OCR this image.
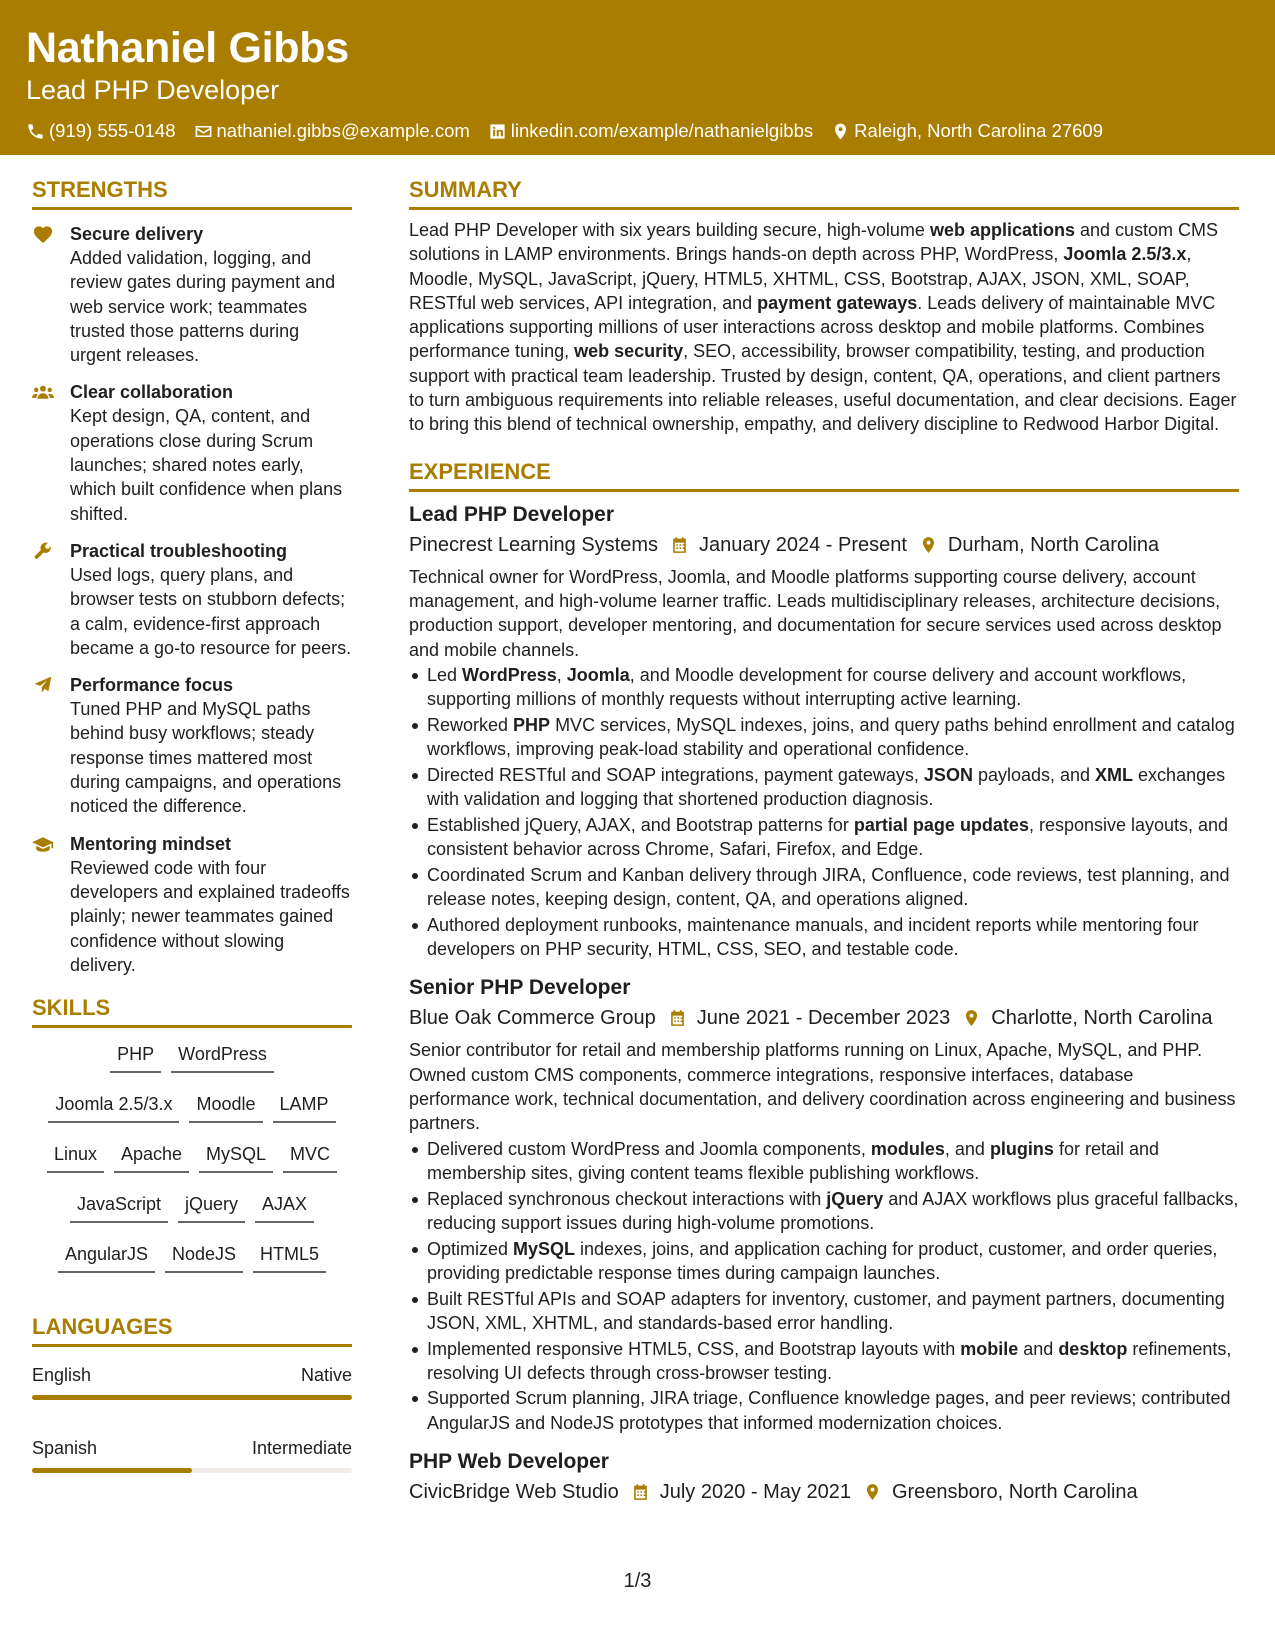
Nathaniel Gibbs
Lead PHP Developer
(919) 555-0148 nathaniel.gibbs@example.com linkedin.com/example/nathanielgibbs Raleigh, North Carolina 27609
STRENGTHS
Secure delivery
Added validation, logging, and review gates during payment and web service work; teammates trusted those patterns during urgent releases.
Clear collaboration
Kept design, QA, content, and operations close during Scrum launches; shared notes early, which built confidence when plans shifted.
Practical troubleshooting
Used logs, query plans, and browser tests on stubborn defects; a calm, evidence-first approach became a go-to resource for peers.
Performance focus
Tuned PHP and MySQL paths behind busy workflows; steady response times mattered most during campaigns, and operations noticed the difference.
Mentoring mindset
Reviewed code with four developers and explained tradeoffs plainly; newer teammates gained confidence without slowing delivery.
SKILLS
PHP	WordPress
Joomla 2.5/3.x	Moodle	LAMP
Linux	Apache	MySQL	MVC
JavaScript	jQuery	AJAX
AngularJS	NodeJS	HTML5
LANGUAGES
English	Native
Spanish	Intermediate
SUMMARY
Lead PHP Developer with six years building secure, high-volume web applications and custom CMS solutions in LAMP environments. Brings hands-on depth across PHP, WordPress, Joomla 2.5/3.x, Moodle, MySQL, JavaScript, jQuery, HTML5, XHTML, CSS, Bootstrap, AJAX, JSON, XML, SOAP, RESTful web services, API integration, and payment gateways. Leads delivery of maintainable MVC applications supporting millions of user interactions across desktop and mobile platforms. Combines performance tuning, web security, SEO, accessibility, browser compatibility, testing, and production support with practical team leadership. Trusted by design, content, QA, operations, and client partners to turn ambiguous requirements into reliable releases, useful documentation, and clear decisions. Eager to bring this blend of technical ownership, empathy, and delivery discipline to Redwood Harbor Digital.
EXPERIENCE
Lead PHP Developer
Pinecrest Learning Systems January 2024 - Present Durham, North Carolina
Technical owner for WordPress, Joomla, and Moodle platforms supporting course delivery, account management, and high-volume learner traffic. Leads multidisciplinary releases, architecture decisions, production support, developer mentoring, and documentation for secure services used across desktop and mobile channels.
Led WordPress, Joomla, and Moodle development for course delivery and account workflows, supporting millions of monthly requests without interrupting active learning.
Reworked PHP MVC services, MySQL indexes, joins, and query paths behind enrollment and catalog workflows, improving peak-load stability and operational confidence.
Directed RESTful and SOAP integrations, payment gateways, JSON payloads, and XML exchanges with validation and logging that shortened production diagnosis.
Established jQuery, AJAX, and Bootstrap patterns for partial page updates, responsive layouts, and consistent behavior across Chrome, Safari, Firefox, and Edge.
Coordinated Scrum and Kanban delivery through JIRA, Confluence, code reviews, test planning, and release notes, keeping design, content, QA, and operations aligned.
Authored deployment runbooks, maintenance manuals, and incident reports while mentoring four developers on PHP security, HTML, CSS, SEO, and testable code.
Senior PHP Developer
Blue Oak Commerce Group June 2021 - December 2023 Charlotte, North Carolina
Senior contributor for retail and membership platforms running on Linux, Apache, MySQL, and PHP. Owned custom CMS components, commerce integrations, responsive interfaces, database performance work, technical documentation, and delivery coordination across engineering and business partners.
Delivered custom WordPress and Joomla components, modules, and plugins for retail and membership sites, giving content teams flexible publishing workflows.
Replaced synchronous checkout interactions with jQuery and AJAX workflows plus graceful fallbacks, reducing support issues during high-volume promotions.
Optimized MySQL indexes, joins, and application caching for product, customer, and order queries, providing predictable response times during campaign launches.
Built RESTful APIs and SOAP adapters for inventory, customer, and payment partners, documenting JSON, XML, XHTML, and standards-based error handling.
Implemented responsive HTML5, CSS, and Bootstrap layouts with mobile and desktop refinements, resolving UI defects through cross-browser testing.
Supported Scrum planning, JIRA triage, Confluence knowledge pages, and peer reviews; contributed AngularJS and NodeJS prototypes that informed modernization choices.
PHP Web Developer
CivicBridge Web Studio July 2020 - May 2021 Greensboro, North Carolina
1/3
